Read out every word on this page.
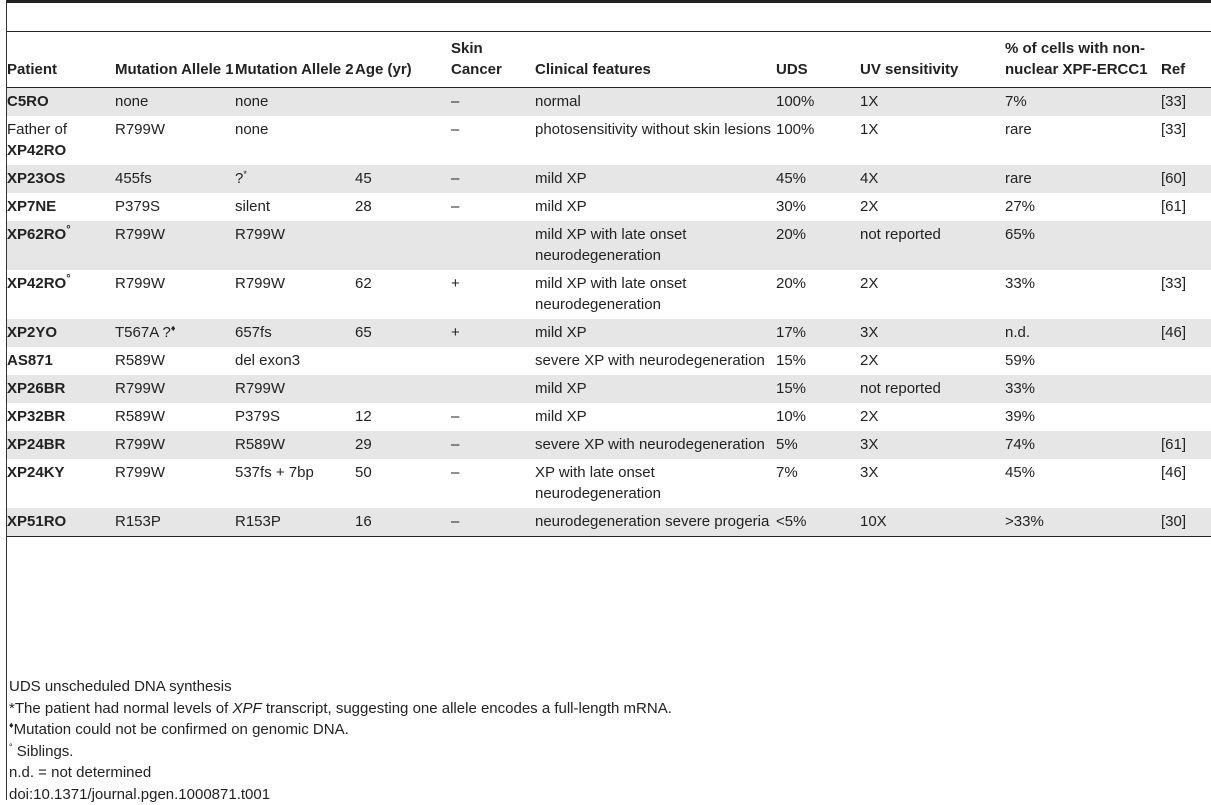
Patient	Mutation Allele 1	Mutation Allele 2	Age (yr)	Skin Cancer	Clinical features	UDS	UV sensitivity	% of cells with non-nuclear XPF-ERCC1	Ref
C5RO	none	none		–	normal	100%	1X	7%	[33]
Father of
XP42RO	R799W	none		–	photosensitivity without skin lesions	100%	1X	rare	[33]
XP23OS	455fs	?*	45	–	mild XP	45%	4X	rare	[60]
XP7NE	P379S	silent	28	–	mild XP	30%	2X	27%	[61]
XP62RO°	R799W	R799W			mild XP with late onset neurodegeneration	20%	not reported	65%	
XP42RO°	R799W	R799W	62	+	mild XP with late onset neurodegeneration	20%	2X	33%	[33]
XP2YO	T567A ?♦	657fs	65	+	mild XP	17%	3X	n.d.	[46]
AS871	R589W	del exon3			severe XP with neurodegeneration	15%	2X	59%	
XP26BR	R799W	R799W			mild XP	15%	not reported	33%	
XP32BR	R589W	P379S	12	–	mild XP	10%	2X	39%	
XP24BR	R799W	R589W	29	–	severe XP with neurodegeneration	5%	3X	74%	[61]
XP24KY	R799W	537fs + 7bp	50	–	XP with late onset neurodegeneration	7%	3X	45%	[46]
XP51RO	R153P	R153P	16	–	neurodegeneration severe progeria	<5%	10X	>33%	[30]
UDS unscheduled DNA synthesis
*The patient had normal levels of XPF transcript, suggesting one allele encodes a full-length mRNA.
♦Mutation could not be confirmed on genomic DNA.
° Siblings.
n.d. = not determined
doi:10.1371/journal.pgen.1000871.t001
